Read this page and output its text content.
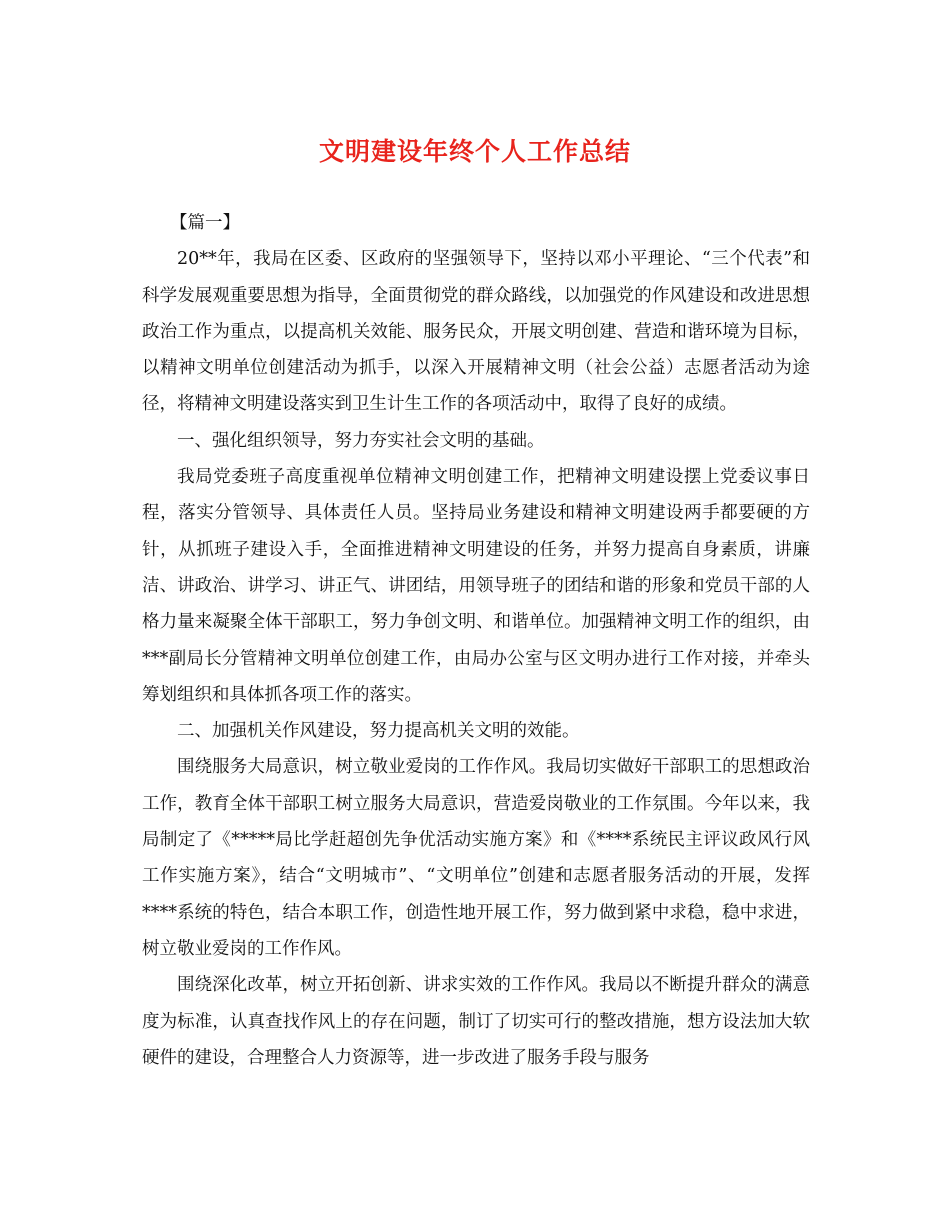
文明建设年终个人工作总结

【篇一】

20**年，我局在区委、区政府的坚强领导下，坚持以邓小平理论、“三个代表”和科学发展观重要思想为指导，全面贯彻党的群众路线，以加强党的作风建设和改进思想政治工作为重点，以提高机关效能、服务民众，开展文明创建、营造和谐环境为目标，以精神文明单位创建活动为抓手，以深入开展精神文明（社会公益）志愿者活动为途径，将精神文明建设落实到卫生计生工作的各项活动中，取得了良好的成绩。

一、强化组织领导，努力夯实社会文明的基础。

我局党委班子高度重视单位精神文明创建工作，把精神文明建设摆上党委议事日程，落实分管领导、具体责任人员。坚持局业务建设和精神文明建设两手都要硬的方针，从抓班子建设入手，全面推进精神文明建设的任务，并努力提高自身素质，讲廉洁、讲政治、讲学习、讲正气、讲团结，用领导班子的团结和谐的形象和党员干部的人格力量来凝聚全体干部职工，努力争创文明、和谐单位。加强精神文明工作的组织，由***副局长分管精神文明单位创建工作，由局办公室与区文明办进行工作对接，并牵头筹划组织和具体抓各项工作的落实。

二、加强机关作风建设，努力提高机关文明的效能。

围绕服务大局意识，树立敬业爱岗的工作作风。我局切实做好干部职工的思想政治工作，教育全体干部职工树立服务大局意识，营造爱岗敬业的工作氛围。今年以来，我局制定了《*****局比学赶超创先争优活动实施方案》和《****系统民主评议政风行风工作实施方案》，结合“文明城市”、“文明单位”创建和志愿者服务活动的开展，发挥****系统的特色，结合本职工作，创造性地开展工作，努力做到紧中求稳，稳中求进，树立敬业爱岗的工作作风。

围绕深化改革，树立开拓创新、讲求实效的工作作风。我局以不断提升群众的满意度为标准，认真查找作风上的存在问题，制订了切实可行的整改措施，想方设法加大软硬件的建设，合理整合人力资源等，进一步改进了服务手段与服务
